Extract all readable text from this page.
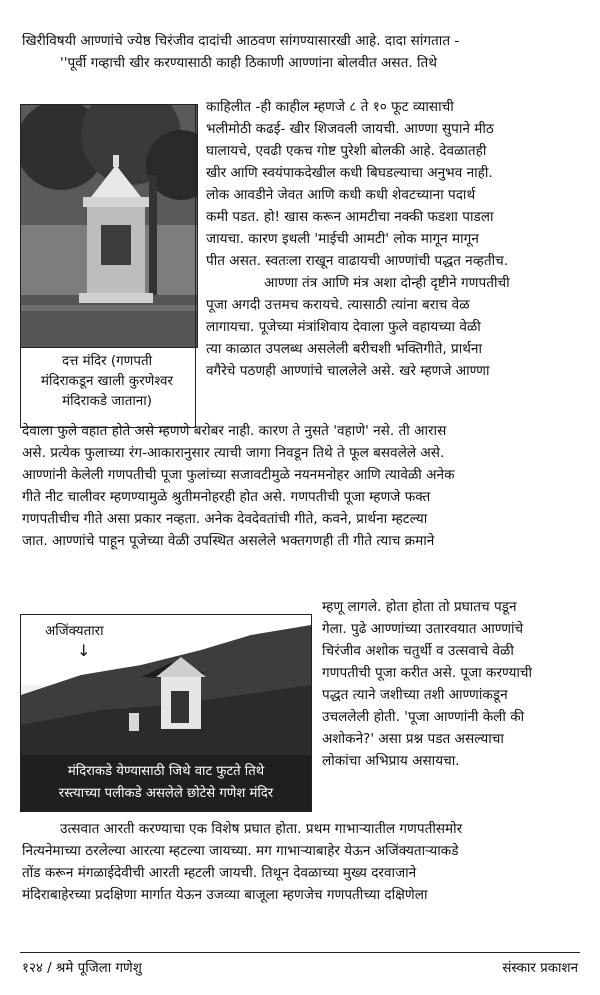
खिरीविषयी आण्णांचे ज्येष्ठ चिरंजीव दादांची आठवण सांगण्यासारखी आहे. दादा सांगतात -
''पूर्वी गव्हाची खीर करण्यासाठी काही ठिकाणी आण्णांना बोलवीत असत. तिथे
दत्त मंदिर (गणपती
मंदिराकडून खाली कुरणेश्वर
मंदिराकडे जाताना)
काहिलीत -ही काहील म्हणजे ८ ते १० फूट व्यासाची
भलीमोठी कढई- खीर शिजवली जायची. आण्णा सुपाने मीठ
घालायचे, एवढी एकच गोष्ट पुरेशी बोलकी आहे. देवळातही
खीर आणि स्वयंपाकदेखील कधी बिघडल्याचा अनुभव नाही.
लोक आवडीने जेवत आणि कधी कधी शेवटच्याना पदार्थ
कमी पडत. हो! खास करून आमटीचा नक्की फडशा पाडला
जायचा. कारण इथली 'माईची आमटी' लोक मागून मागून
पीत असत. स्वतःला राखून वाढायची आण्णांची पद्धत नव्हतीच.
आण्णा तंत्र आणि मंत्र अशा दोन्ही दृष्टीने गणपतीची
पूजा अगदी उत्तमच करायचे. त्यासाठी त्यांना बराच वेळ
लागायचा. पूजेच्या मंत्रांशिवाय देवाला फुले वहायच्या वेळी
त्या काळात उपलब्ध असलेली बरीचशी भक्तिगीते, प्रार्थना
वगैरेचे पठणही आण्णांचे चाललेले असे. खरे म्हणजे आण्णा
देवाला फुले वहात होते असे म्हणणे बरोबर नाही. कारण ते नुसते 'वहाणे' नसे. ती आरास
असे. प्रत्येक फुलाच्या रंग-आकारानुसार त्याची जागा निवडून तिथे ते फूल बसवलेले असे.
आण्णांनी केलेली गणपतीची पूजा फुलांच्या सजावटीमुळे नयनमनोहर आणि त्यावेळी अनेक
गीते नीट चालीवर म्हणण्यामुळे श्रुतीमनोहरही होत असे. गणपतीची पूजा म्हणजे फक्त
गणपतीचीच गीते असा प्रकार नव्हता. अनेक देवदेवतांची गीते, कवने, प्रार्थना म्हटल्या
जात. आण्णांचे पाहून पूजेच्या वेळी उपस्थित असलेले भक्तगणही ती गीते त्याच क्रमाने
अजिंक्यतारा
↓
मंदिराकडे येण्यासाठी जिथे वाट फुटते तिथे
रस्त्याच्या पलीकडे असलेले छोटेसे गणेश मंदिर
म्हणू लागले. होता होता तो प्रघातच पडून
गेला. पुढे आण्णांच्या उतारवयात आण्णांचे
चिरंजीव अशोक चतुर्थी व उत्सवाचे वेळी
गणपतीची पूजा करीत असे. पूजा करण्याची
पद्धत त्याने जशीच्या तशी आण्णांकडून
उचललेली होती. 'पूजा आण्णांनी केली की
अशोकने?' असा प्रश्न पडत असल्याचा
लोकांचा अभिप्राय असायचा.
उत्सवात आरती करण्याचा एक विशेष प्रघात होता. प्रथम गाभाऱ्यातील गणपतीसमोर
नित्यनेमाच्या ठरलेल्या आरत्या म्हटल्या जायच्या. मग गाभाऱ्याबाहेर येऊन अजिंक्यताऱ्याकडे
तोंड करून मंगळाईदेवीची आरती म्हटली जायची. तिथून देवळाच्या मुख्य दरवाजाने
मंदिराबाहेरच्या प्रदक्षिणा मार्गात येऊन उजव्या बाजूला म्हणजेच गणपतीच्या दक्षिणेला
१२४ / श्रमे पूजिला गणेशु	संस्कार प्रकाशन
